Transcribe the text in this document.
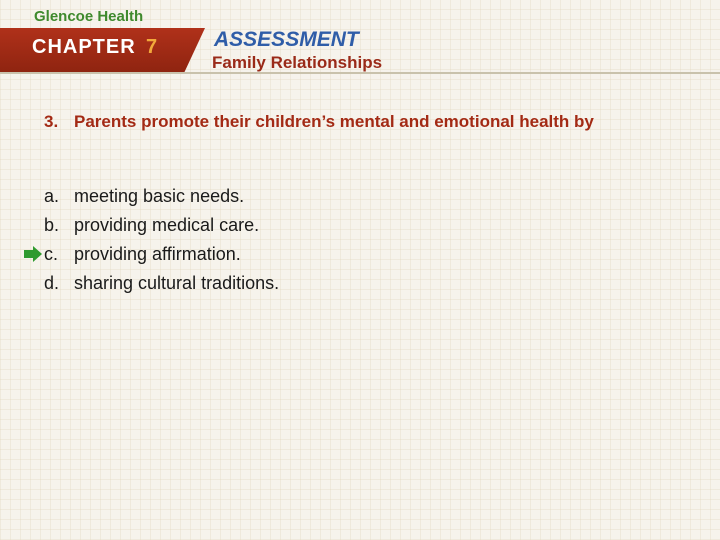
Glencoe Health
CHAPTER 7	ASSESSMENT
Family Relationships
3. Parents promote their children’s mental and emotional health by
a. meeting basic needs.
b. providing medical care.
c. providing affirmation.
d. sharing cultural traditions.
